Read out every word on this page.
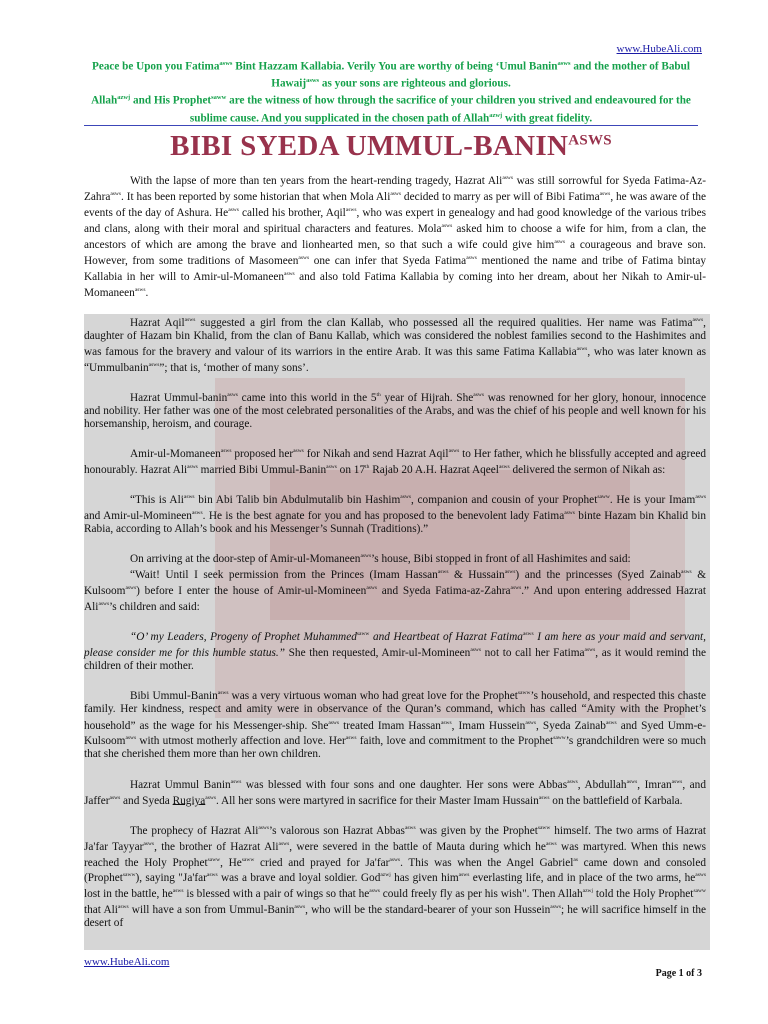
www.HubeAli.com
Peace be Upon you Fatima$^{asws}$ Bint Hazzam Kallabia. Verily You are worthy of being ‘Umul Banin$^{asws}$ and the mother of Babul Hawaij$^{asws}$ as your sons are righteous and glorious.
Allah$^{azwj}$ and His Prophet$^{saww}$ are the witness of how through the sacrifice of your children you strived and endeavoured for the sublime cause. And you supplicated in the chosen path of Allah$^{azwj}$ with great fidelity.
BIBI SYEDA UMMUL-$BANIN^{ASWS}$

With the lapse of more than ten years from the heart-rending tragedy, Hazrat Ali$^{asws}$ was still sorrowful for Syeda Fatima-Az-Zahra$^{asws}$. It has been reported by some historian that when Mola Ali$^{asws}$ decided to marry as per will of Bibi Fatima$^{asws}$, he was aware of the events of the day of Ashura. $He^{asws}$ called his brother, Aqil$^{asws}$, who was expert in genealogy and had good knowledge of the various tribes and clans, along with their moral and spiritual characters and features. Mola$^{asws}$ asked him to choose a wife for him, from a clan, the ancestors of which are among the brave and lionhearted men, so that such a wife could give him$^{asws}$ a courageous and brave son. However, from some traditions of Masomeen$^{asws}$ one can infer that Syeda Fatima$^{asws}$ mentioned the name and tribe of Fatima bintay Kallabia in her will to Amir-ul-Momaneen$^{asws}$ and also told Fatima Kallabia by coming into her dream, about her Nikah to Amir-ul-Momaneen$^{asws}$.

Hazrat Aqil$^{asws}$ suggested a girl from the clan Kallab, who possessed all the required qualities. Her name was Fatima$^{asws}$, daughter of Hazam bin Khalid, from the clan of Banu Kallab, which was considered the noblest families second to the Hashimites and was famous for the bravery and valour of its warriors in the entire Arab. It was this same Fatima Kallabia$^{asws}$, who was later known as “Ummulbanin$^{asws}$”; that is, ‘mother of many sons’.

Hazrat Ummul-banin$^{asws}$ came into this world in the 5th year of Hijrah. She$^{asws}$ was renowned for her glory, honour, innocence and nobility. Her father was one of the most celebrated personalities of the Arabs, and was the chief of his people and well known for his horsemanship, heroism, and courage.

Amir-ul-Momaneen$^{asws}$ proposed her$^{asws}$ for Nikah and send Hazrat Aqil$^{asws}$ to Her father, which he blissfully accepted and agreed honourably. Hazrat Ali$^{asws}$ married Bibi Ummul-Banin$^{asws}$ on 17th Rajab 20 A.H. Hazrat Aqeel$^{asws}$ delivered the sermon of Nikah as:

“This is Ali$^{asws}$ bin Abi Talib bin Abdulmutalib bin Hashim$^{asws}$, companion and cousin of your Prophet$^{saww}$. He is your Imam$^{asws}$ and Amir-ul-Momineen$^{asws}$. He is the best agnate for you and has proposed to the benevolent lady Fatima$^{asws}$ binte Hazam bin Khalid bin Rabia, according to Allah’s book and his Messenger’s Sunnah (Traditions).”

On arriving at the door-step of Amir-ul-Momaneen$^{asws}$’s house, Bibi stopped in front of all Hashimites and said:

“Wait! Until I seek permission from the Princes (Imam Hassan$^{asws}$ & Hussain$^{asws}$) and the princesses (Syed Zainab$^{asws}$ & Kulsoom$^{asws}$) before I enter the house of Amir-ul-Momineen$^{asws}$ and Syeda Fatima-az-Zahra$^{asws}$.” And upon entering addressed Hazrat Ali$^{asws}$’s children and said:

“O’ my Leaders, Progeny of Prophet Muhammed$^{saww}$ and Heartbeat of Hazrat Fatima$^{asws}$ I am here as your maid and servant, please consider me for this humble status.” She then requested, Amir-ul-Momineen$^{asws}$ not to call her Fatima$^{asws}$, as it would remind the children of their mother.

Bibi Ummul-Banin$^{asws}$ was a very virtuous woman who had great love for the Prophet$^{saww}$’s household, and respected this chaste family. Her kindness, respect and amity were in observance of the Quran’s command, which has called “Amity with the Prophet’s household” as the wage for his Messenger-ship. She$^{asws}$ treated Imam Hassan$^{asws}$, Imam Hussein$^{asws}$, Syeda Zainab$^{asws}$ and Syed Umm-e- Kulsoom$^{asws}$ with utmost motherly affection and love. Her$^{asws}$ faith, love and commitment to the Prophet$^{saww}$’s grandchildren were so much that she cherished them more than her own children.

Hazrat Ummul Banin$^{asws}$ was blessed with four sons and one daughter. Her sons were Abbas$^{asws}$, Abdullah$^{asws}$, Imran$^{asws}$, and Jaffer$^{asws}$ and Syeda Rugiya$^{asws}$. All her sons were martyred in sacrifice for their Master Imam Hussain$^{asws}$ on the battlefield of Karbala.

The prophecy of Hazrat Ali$^{asws}$’s valorous son Hazrat Abbas$^{asws}$ was given by the Prophet$^{saww}$ himself. The two arms of Hazrat Ja'far Tayyar$^{asws}$, the brother of Hazrat Ali$^{asws}$, were severed in the battle of Mauta during which $he^{asws}$ was martyred. When this news reached the Holy Prophet$^{saww}$, $He^{saww}$ cried and prayed for Ja'far$^{asws}$. This was when the Angel Gabriel$^{as}$ came down and consoled (Prophet$^{saww}$), saying "Ja'far$^{asws}$ was a brave and loyal soldier. God$^{azwj}$ has given him$^{asws}$ everlasting life, and in place of the two arms, $he^{asws}$ lost in the battle, $he^{asws}$ is blessed with a pair of wings so that $he^{asws}$ could freely fly as per his wish". Then Allah$^{azwj}$ told the Holy Prophet$^{saww}$ that Ali$^{asws}$ will have a son from Ummul-Banin$^{asws}$, who will be the standard-bearer of your son Hussein$^{asws}$; he will sacrifice himself in the desert of

www.HubeAli.com
Page 1 of 3
